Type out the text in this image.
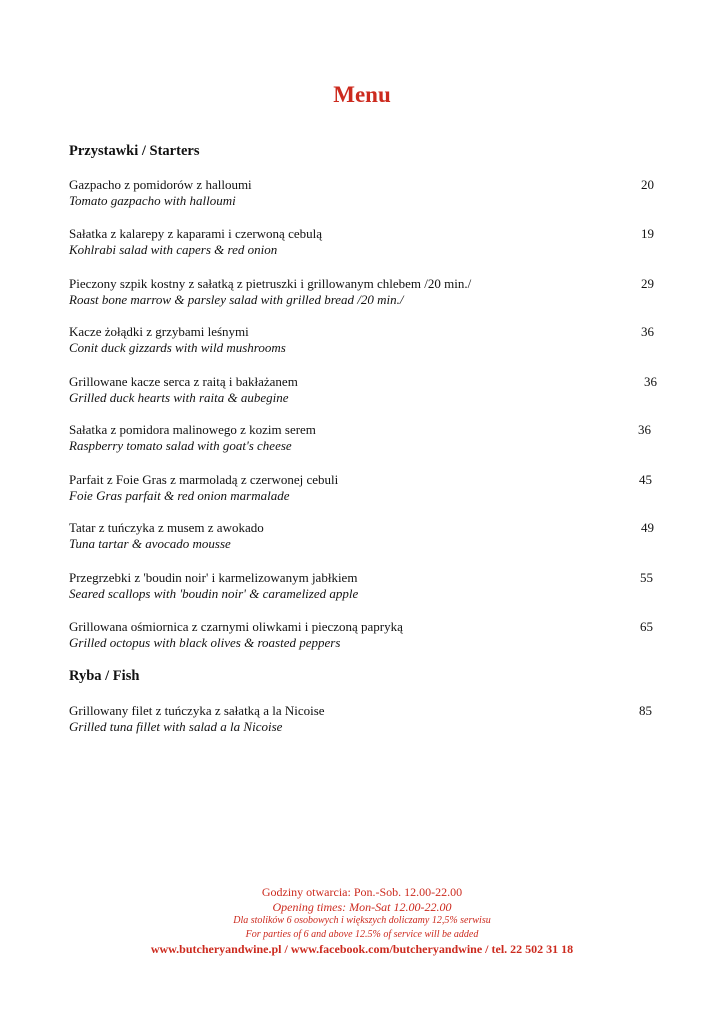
Menu
Przystawki / Starters
Gazpacho z pomidorów z halloumi
Tomato gazpacho with halloumi
20
Sałatka z kalarepy z kaparami i czerwoną cebulą
Kohlrabi salad with capers & red onion
19
Pieczony szpik kostny z sałatką z pietruszki i grillowanym chlebem /20 min./
Roast bone marrow & parsley salad with grilled bread /20 min./
29
Kacze żołądki z grzybami leśnymi
Conit duck gizzards with wild mushrooms
36
Grillowane kacze serca z raitą i bakłażanem
Grilled duck hearts with raita & aubegine
36
Sałatka z pomidora malinowego z kozim serem
Raspberry tomato salad with goat's cheese
36
Parfait z Foie Gras z marmoladą z czerwonej cebuli
Foie Gras parfait & red onion marmalade
45
Tatar z tuńczyka z musem z awokado
Tuna tartar & avocado mousse
49
Przegrzebki z 'boudin noir' i karmelizowanym jabłkiem
Seared scallops with 'boudin noir' & caramelized apple
55
Grillowana ośmiornica z czarnymi oliwkami i pieczoną papryką
Grilled octopus with black olives & roasted peppers
65
Ryba / Fish
Grillowany filet z tuńczyka z sałatką a la Nicoise
Grilled tuna fillet with salad a la Nicoise
85
Godziny otwarcia: Pon.-Sob. 12.00-22.00
Opening times: Mon-Sat 12.00-22.00
Dla stolików 6 osobowych i większych doliczamy 12,5% serwisu
For parties of 6 and above 12.5% of service will be added
www.butcheryandwine.pl / www.facebook.com/butcheryandwine / tel. 22 502 31 18
